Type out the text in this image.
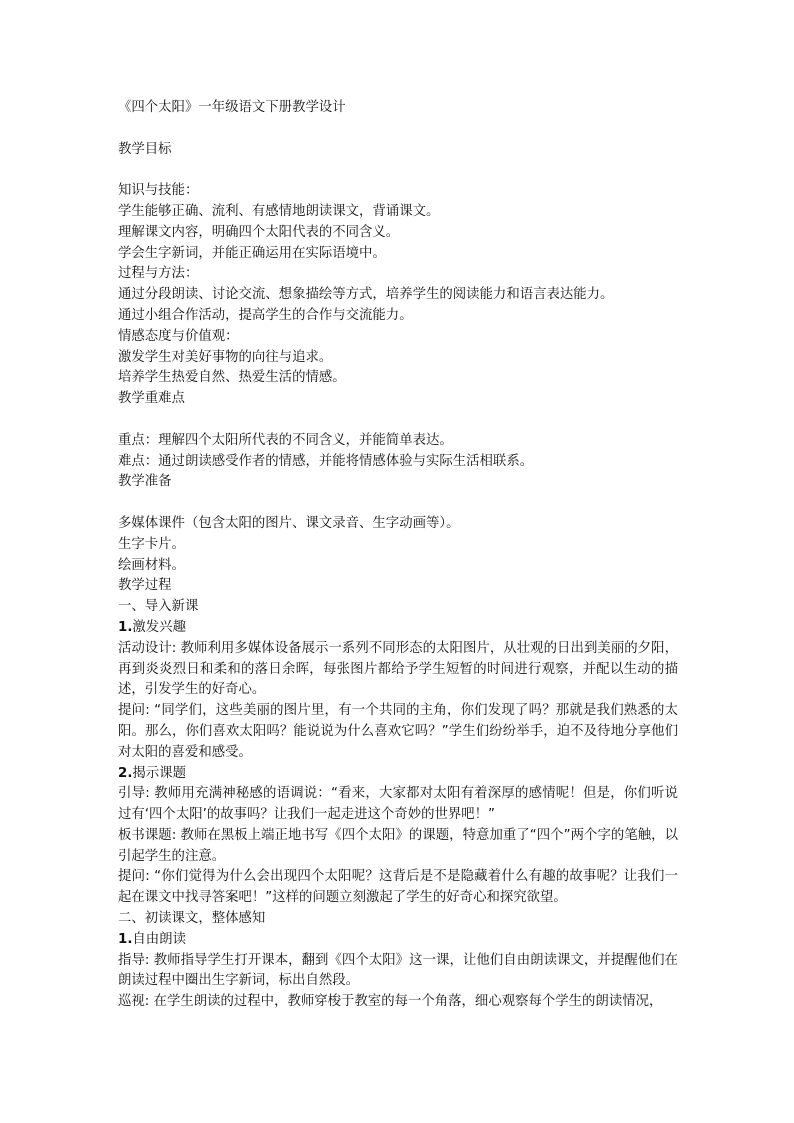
《四个太阳》一年级语文下册教学设计
教学目标
知识与技能：
学生能够正确、流利、有感情地朗读课文，背诵课文。
理解课文内容，明确四个太阳代表的不同含义。
学会生字新词，并能正确运用在实际语境中。
过程与方法：
通过分段朗读、讨论交流、想象描绘等方式，培养学生的阅读能力和语言表达能力。
通过小组合作活动，提高学生的合作与交流能力。
情感态度与价值观：
激发学生对美好事物的向往与追求。
培养学生热爱自然、热爱生活的情感。
教学重难点
重点：理解四个太阳所代表的不同含义，并能简单表达。
难点：通过朗读感受作者的情感，并能将情感体验与实际生活相联系。
教学准备
多媒体课件（包含太阳的图片、课文录音、生字动画等）。
生字卡片。
绘画材料。
教学过程
一、导入新课
1.激发兴趣
活动设计: 教师利用多媒体设备展示一系列不同形态的太阳图片，从壮观的日出到美丽的夕阳，再到炎炎烈日和柔和的落日余晖，每张图片都给予学生短暂的时间进行观察，并配以生动的描述，引发学生的好奇心。
提问: “同学们，这些美丽的图片里，有一个共同的主角，你们发现了吗？那就是我们熟悉的太阳。那么，你们喜欢太阳吗？能说说为什么喜欢它吗？”学生们纷纷举手，迫不及待地分享他们对太阳的喜爱和感受。
2.揭示课题
引导: 教师用充满神秘感的语调说：“看来，大家都对太阳有着深厚的感情呢！但是，你们听说过有‘四个太阳’的故事吗？让我们一起走进这个奇妙的世界吧！”
板书课题: 教师在黑板上端正地书写《四个太阳》的课题，特意加重了“四个”两个字的笔触，以引起学生的注意。
提问: “你们觉得为什么会出现四个太阳呢？这背后是不是隐藏着什么有趣的故事呢？让我们一起在课文中找寻答案吧！”这样的问题立刻激起了学生的好奇心和探究欲望。
二、初读课文，整体感知
1.自由朗读
指导: 教师指导学生打开课本，翻到《四个太阳》这一课，让他们自由朗读课文，并提醒他们在朗读过程中圈出生字新词，标出自然段。
巡视: 在学生朗读的过程中，教师穿梭于教室的每一个角落，细心观察每个学生的朗读情况，
